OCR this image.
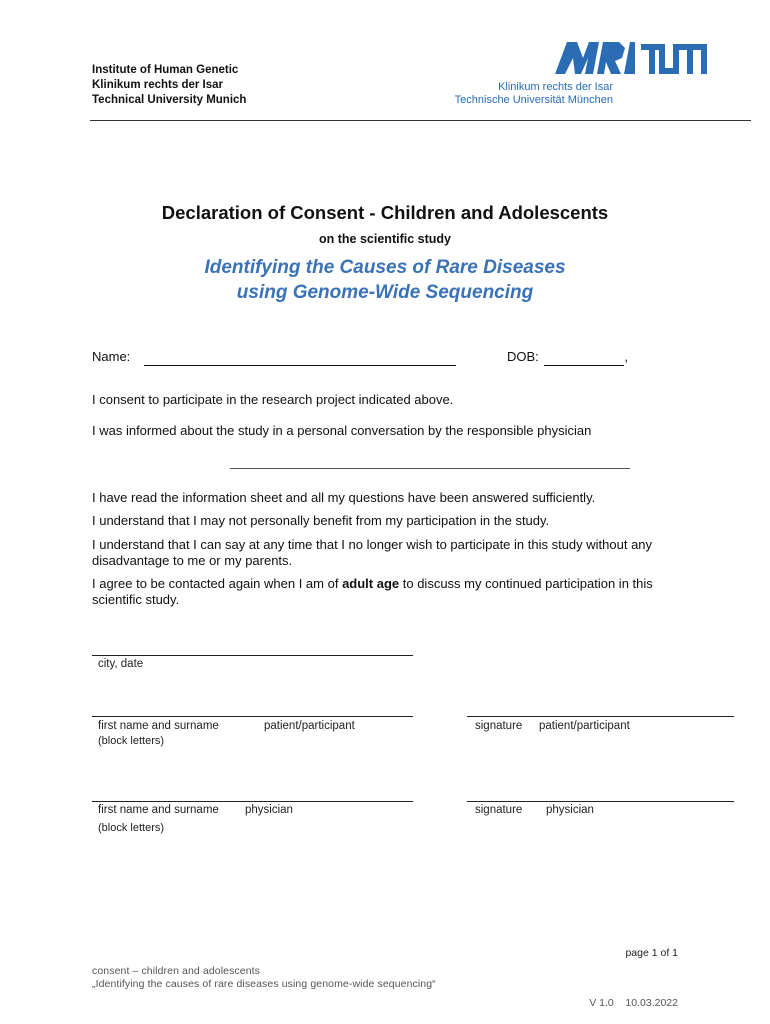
Institute of Human Genetic
Klinikum rechts der Isar
Technical University Munich
MRI
Klinikum rechts der Isar
Technische Universität München
Declaration of Consent - Children and Adolescents
on the scientific study
Identifying the Causes of Rare Diseases
using Genome-Wide Sequencing
Name:	DOB:	,
I consent to participate in the research project indicated above.
I was informed about the study in a personal conversation by the responsible physician
I have read the information sheet and all my questions have been answered sufficiently.
I understand that I may not personally benefit from my participation in the study.
I understand that I can say at any time that I no longer wish to participate in this study without any disadvantage to me or my parents.
I agree to be contacted again when I am of adult age to discuss my continued participation in this scientific study.
city, date
first name and surname	patient/participant
(block letters)
signature patient/participant
first name and surname physician
(block letters)
signature physician
page 1 of 1
consent – children and adolescents
„Identifying the causes of rare diseases using genome-wide sequencing“
V 1.0    10.03.2022
